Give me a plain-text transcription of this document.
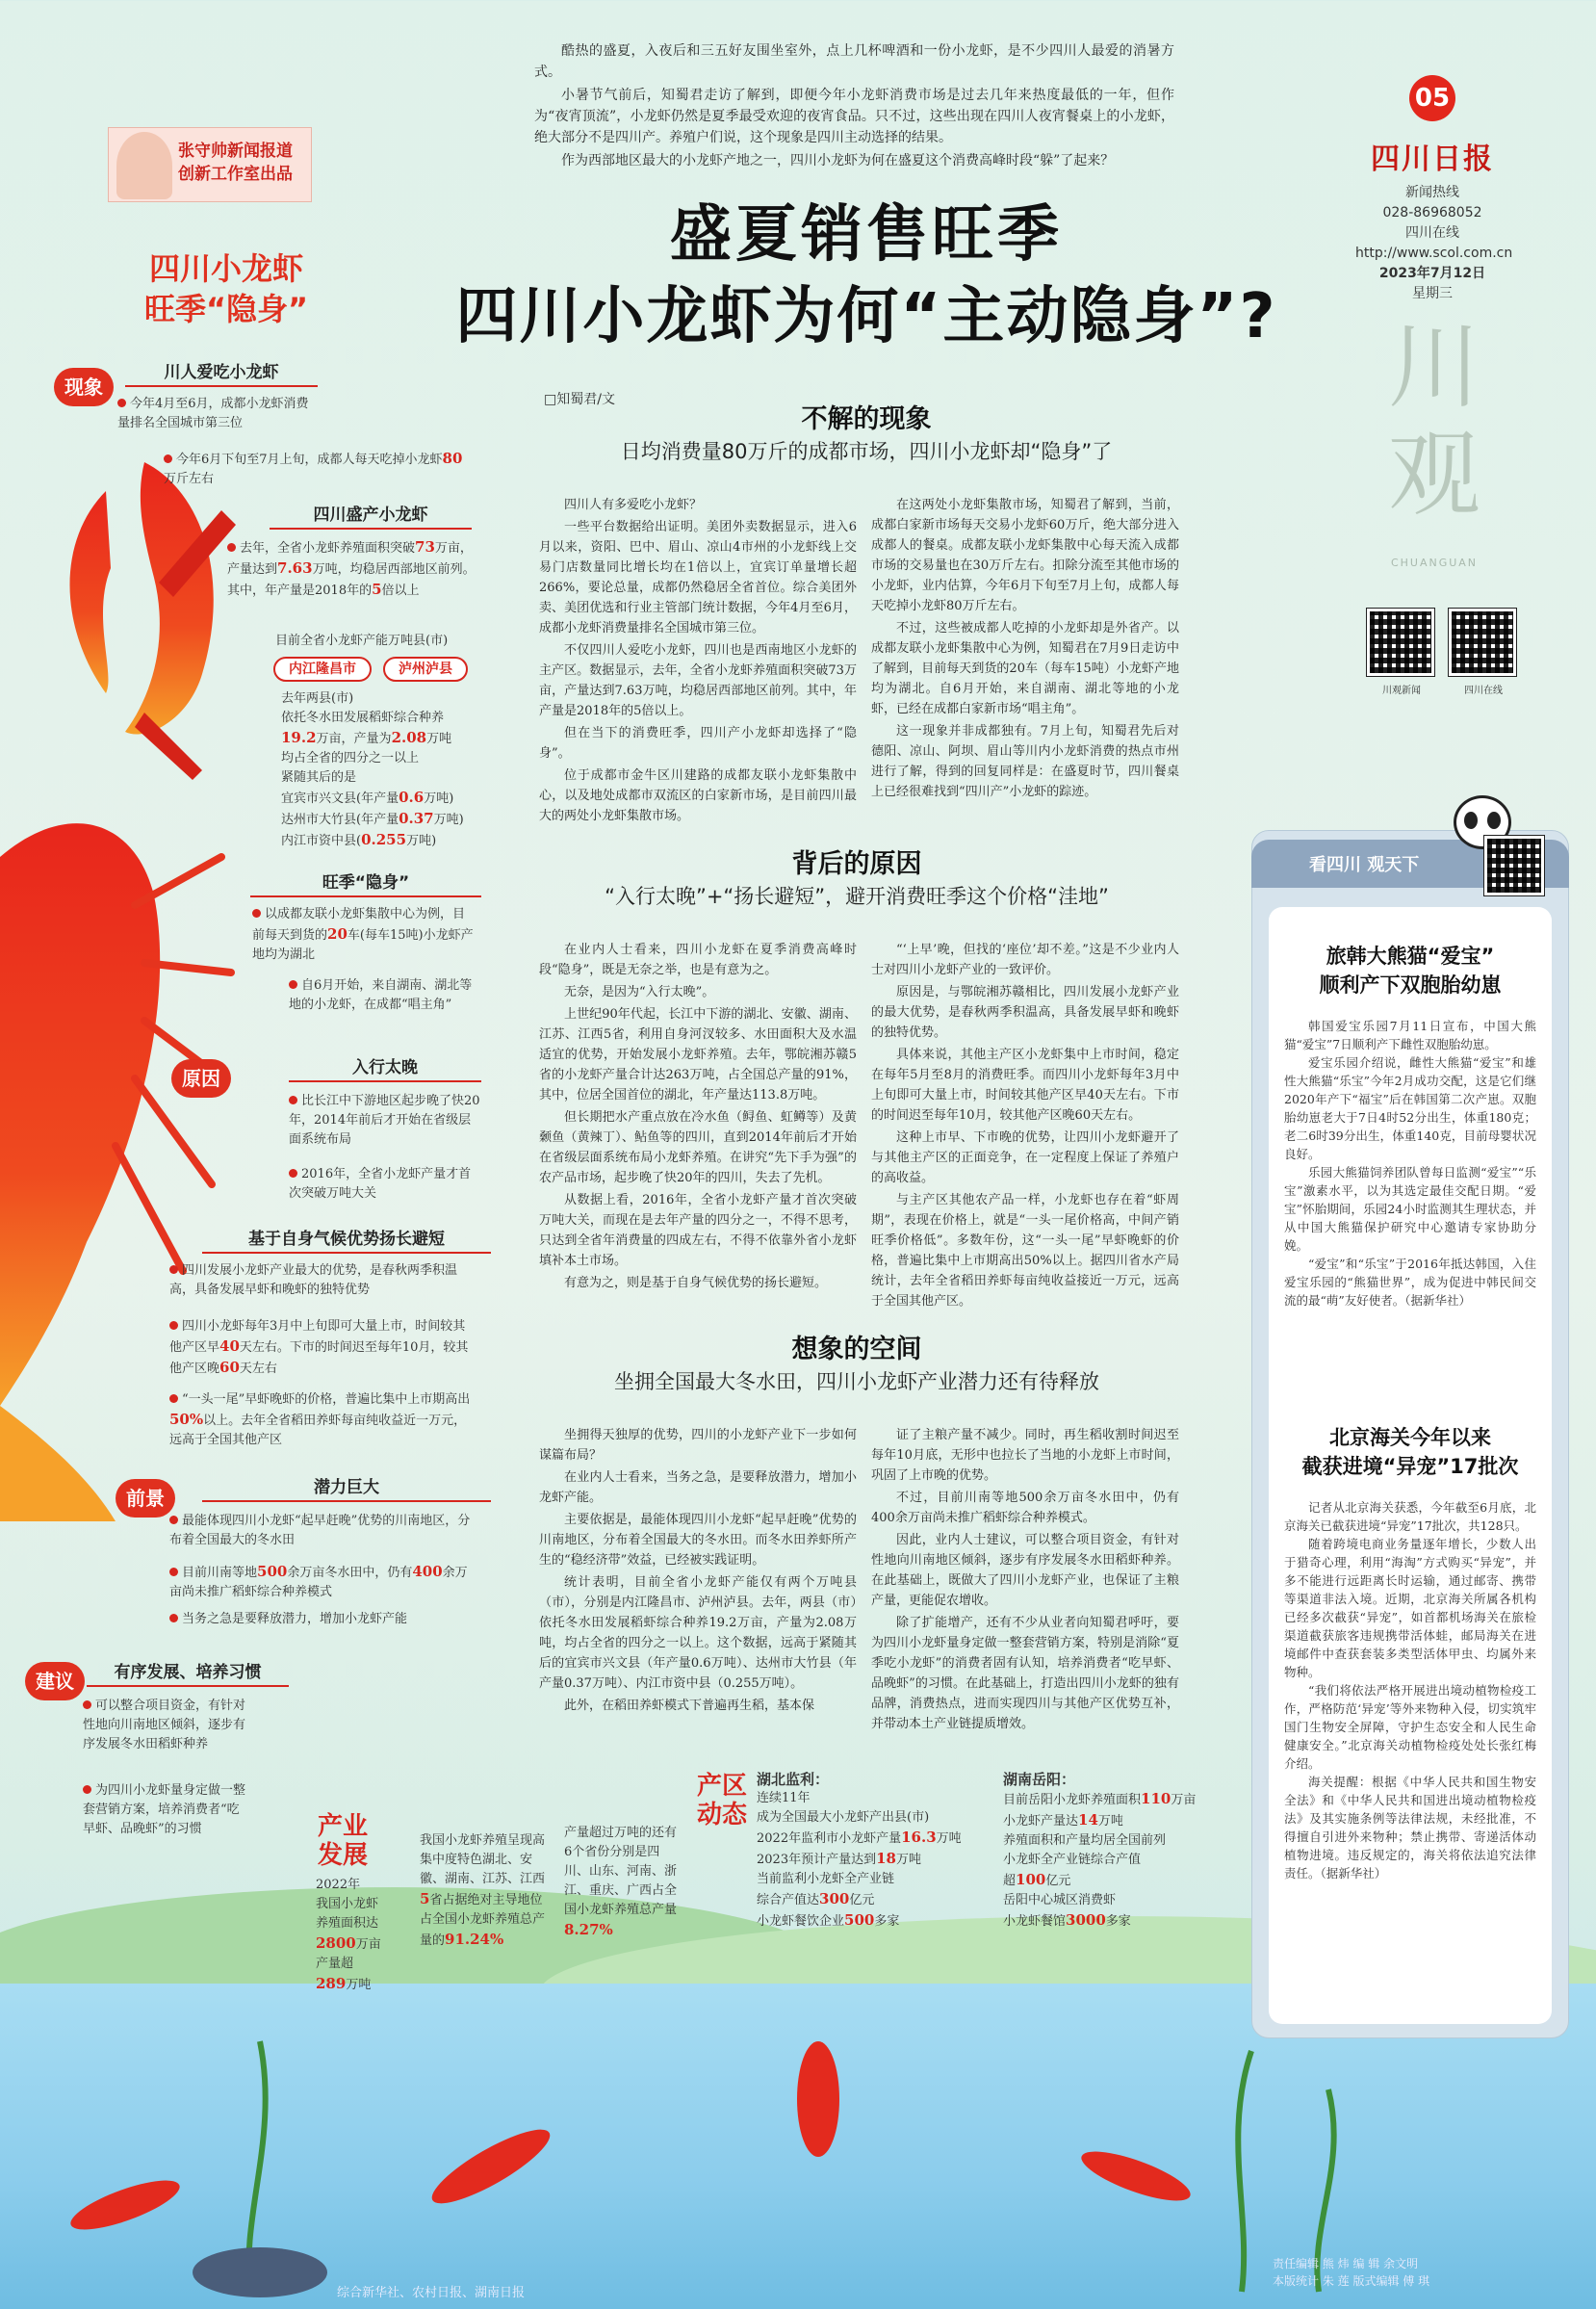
酷热的盛夏，入夜后和三五好友围坐室外，点上几杯啤酒和一份小龙虾，是不少四川人最爱的消暑方式。

小暑节气前后，知蜀君走访了解到，即便今年小龙虾消费市场是过去几年来热度最低的一年，但作为“夜宵顶流”，小龙虾仍然是夏季最受欢迎的夜宵食品。只不过，这些出现在四川人夜宵餐桌上的小龙虾，绝大部分不是四川产。养殖户们说，这个现象是四川主动选择的结果。

作为西部地区最大的小龙虾产地之一，四川小龙虾为何在盛夏这个消费高峰时段“躲”了起来？

张守帅新闻报道
创新工作室出品
盛夏销售旺季
四川小龙虾为何“主动隐身”?
四川小龙虾
旺季“隐身”
05
四川日报
新闻热线
028-86968052
四川在线
http://www.scol.com.cn
2023年7月12日
星期三
川
观
CHUANGUAN
川观新闻	四川在线
现象
川人爱吃小龙虾
今年4月至6月，成都小龙虾消费量排名全国城市第三位
今年6月下旬至7月上旬，成都人每天吃掉小龙虾80万斤左右
四川盛产小龙虾
去年，全省小龙虾养殖面积突破73万亩，产量达到7.63万吨，均稳居西部地区前列。其中，年产量是2018年的5倍以上
目前全省小龙虾产能万吨县(市)
内江隆昌市	泸州泸县
去年两县(市)
依托冬水田发展稻虾综合种养
19.2万亩，产量为2.08万吨
均占全省的四分之一以上
紧随其后的是
宜宾市兴文县(年产量0.6万吨)
达州市大竹县(年产量0.37万吨)
内江市资中县(0.255万吨)
旺季“隐身”
以成都友联小龙虾集散中心为例，目前每天到货的20车(每车15吨)小龙虾产地均为湖北
自6月开始，来自湖南、湖北等地的小龙虾，在成都“唱主角”
原因	入行太晚
比长江中下游地区起步晚了快20年，2014年前后才开始在省级层面系统布局
2016年，全省小龙虾产量才首次突破万吨大关
基于自身气候优势扬长避短
四川发展小龙虾产业最大的优势，是春秋两季积温高，具备发展早虾和晚虾的独特优势
四川小龙虾每年3月中上旬即可大量上市，时间较其他产区早40天左右。下市的时间迟至每年10月，较其他产区晚60天左右
“一头一尾”早虾晚虾的价格，普遍比集中上市期高出50%以上。去年全省稻田养虾每亩纯收益近一万元，远高于全国其他产区
前景	潜力巨大
最能体现四川小龙虾“起早赶晚”优势的川南地区，分布着全国最大的冬水田
目前川南等地500余万亩冬水田中，仍有400余万亩尚未推广稻虾综合种养模式
当务之急是要释放潜力，增加小龙虾产能
建议	有序发展、培养习惯
可以整合项目资金，有针对性地向川南地区倾斜，逐步有序发展冬水田稻虾种养
为四川小龙虾量身定做一整套营销方案，培养消费者“吃早虾、品晚虾”的习惯
□知蜀君/文
不解的现象
日均消费量80万斤的成都市场，四川小龙虾却“隐身”了

四川人有多爱吃小龙虾？

一些平台数据给出证明。美团外卖数据显示，进入6月以来，资阳、巴中、眉山、凉山4市州的小龙虾线上交易门店数量同比增长均在1倍以上，宜宾订单量增长超266%，要论总量，成都仍然稳居全省首位。综合美团外卖、美团优选和行业主管部门统计数据，今年4月至6月，成都小龙虾消费量排名全国城市第三位。

不仅四川人爱吃小龙虾，四川也是西南地区小龙虾的主产区。数据显示，去年，全省小龙虾养殖面积突破73万亩，产量达到7.63万吨，均稳居西部地区前列。其中，年产量是2018年的5倍以上。

但在当下的消费旺季，四川产小龙虾却选择了“隐身”。

位于成都市金牛区川建路的成都友联小龙虾集散中心，以及地处成都市双流区的白家新市场，是目前四川最大的两处小龙虾集散市场。

在这两处小龙虾集散市场，知蜀君了解到，当前，成都白家新市场每天交易小龙虾60万斤，绝大部分进入成都人的餐桌。成都友联小龙虾集散中心每天流入成都市场的交易量也在30万斤左右。扣除分流至其他市场的小龙虾，业内估算，今年6月下旬至7月上旬，成都人每天吃掉小龙虾80万斤左右。

不过，这些被成都人吃掉的小龙虾却是外省产。以成都友联小龙虾集散中心为例，知蜀君在7月9日走访中了解到，目前每天到货的20车（每车15吨）小龙虾产地均为湖北。自6月开始，来自湖南、湖北等地的小龙虾，已经在成都白家新市场“唱主角”。

这一现象并非成都独有。7月上旬，知蜀君先后对德阳、凉山、阿坝、眉山等川内小龙虾消费的热点市州进行了解，得到的回复同样是：在盛夏时节，四川餐桌上已经很难找到“四川产”小龙虾的踪迹。

背后的原因
“入行太晚”+“扬长避短”，避开消费旺季这个价格“洼地”

在业内人士看来，四川小龙虾在夏季消费高峰时段“隐身”，既是无奈之举，也是有意为之。

无奈，是因为“入行太晚”。

上世纪90年代起，长江中下游的湖北、安徽、湖南、江苏、江西5省，利用自身河汊较多、水田面积大及水温适宜的优势，开始发展小龙虾养殖。去年，鄂皖湘苏赣5省的小龙虾产量合计达263万吨，占全国总产量的91%，其中，位居全国首位的湖北，年产量达113.8万吨。

但长期把水产重点放在冷水鱼（鲟鱼、虹鳟等）及黄颡鱼（黄辣丁）、鲇鱼等的四川，直到2014年前后才开始在省级层面系统布局小龙虾养殖。在讲究“先下手为强”的农产品市场，起步晚了快20年的四川，失去了先机。

从数据上看，2016年，全省小龙虾产量才首次突破万吨大关，而现在是去年产量的四分之一，不得不思考，只达到全省年消费量的四成左右，不得不依靠外省小龙虾填补本土市场。

有意为之，则是基于自身气候优势的扬长避短。

“‘上早’晚，但找的‘座位’却不差。”这是不少业内人士对四川小龙虾产业的一致评价。

原因是，与鄂皖湘苏赣相比，四川发展小龙虾产业的最大优势，是春秋两季积温高，具备发展早虾和晚虾的独特优势。

具体来说，其他主产区小龙虾集中上市时间，稳定在每年5月至8月的消费旺季。而四川小龙虾每年3月中上旬即可大量上市，时间较其他产区早40天左右。下市的时间迟至每年10月，较其他产区晚60天左右。

这种上市早、下市晚的优势，让四川小龙虾避开了与其他主产区的正面竞争，在一定程度上保证了养殖户的高收益。

与主产区其他农产品一样，小龙虾也存在着“虾周期”，表现在价格上，就是“一头一尾价格高，中间产销旺季价格低”。多数年份，这“一头一尾”早虾晚虾的价格，普遍比集中上市期高出50%以上。据四川省水产局统计，去年全省稻田养虾每亩纯收益接近一万元，远高于全国其他产区。

想象的空间
坐拥全国最大冬水田，四川小龙虾产业潜力还有待释放

坐拥得天独厚的优势，四川的小龙虾产业下一步如何谋篇布局？

在业内人士看来，当务之急，是要释放潜力，增加小龙虾产能。

主要依据是，最能体现四川小龙虾“起早赶晚”优势的川南地区，分布着全国最大的冬水田。而冬水田养虾所产生的“稳经济带”效益，已经被实践证明。

统计表明，目前全省小龙虾产能仅有两个万吨县（市），分别是内江隆昌市、泸州泸县。去年，两县（市）依托冬水田发展稻虾综合种养19.2万亩，产量为2.08万吨，均占全省的四分之一以上。这个数据，远高于紧随其后的宜宾市兴文县（年产量0.6万吨）、达州市大竹县（年产量0.37万吨）、内江市资中县（0.255万吨）。

此外，在稻田养虾模式下普遍再生稻，基本保

证了主粮产量不减少。同时，再生稻收割时间迟至每年10月底，无形中也拉长了当地的小龙虾上市时间，巩固了上市晚的优势。

不过，目前川南等地500余万亩冬水田中，仍有400余万亩尚未推广稻虾综合种养模式。

因此，业内人士建议，可以整合项目资金，有针对性地向川南地区倾斜，逐步有序发展冬水田稻虾种养。在此基础上，既做大了四川小龙虾产业，也保证了主粮产量，更能促农增收。

除了扩能增产，还有不少从业者向知蜀君呼吁，要为四川小龙虾量身定做一整套营销方案，特别是消除“夏季吃小龙虾”的消费者固有认知，培养消费者“吃早虾、品晚虾”的习惯。在此基础上，打造出四川小龙虾的独有品牌，消费热点，进而实现四川与其他产区优势互补，并带动本土产业链提质增效。

产业
发展
2022年
我国小龙虾
养殖面积达
2800万亩
产量超
289万吨
我国小龙虾养殖呈现高集中度特色湖北、安徽、湖南、江苏、江西5省占据绝对主导地位占全国小龙虾养殖总产量的91.24%
产量超过万吨的还有6个省份分别是四川、山东、河南、浙江、重庆、广西占全国小龙虾养殖总产量8.27%
产区
动态
湖北监利：
连续11年
成为全国最大小龙虾产出县(市)
2022年监利市小龙虾产量16.3万吨
2023年预计产量达到18万吨
当前监利小龙虾全产业链
综合产值达300亿元
小龙虾餐饮企业500多家
湖南岳阳：
目前岳阳小龙虾养殖面积110万亩
小龙虾产量达14万吨
养殖面积和产量均居全国前列
小龙虾全产业链综合产值
超100亿元
岳阳中心城区消费虾
小龙虾餐馆3000多家
看四川 观天下
旅韩大熊猫“爱宝”
顺利产下双胞胎幼崽

韩国爱宝乐园7月11日宣布，中国大熊猫“爱宝”7日顺利产下雌性双胞胎幼崽。

爱宝乐园介绍说，雌性大熊猫“爱宝”和雄性大熊猫“乐宝”今年2月成功交配，这是它们继2020年产下“福宝”后在韩国第二次产崽。双胞胎幼崽老大于7日4时52分出生，体重180克；老二6时39分出生，体重140克，目前母婴状况良好。

乐园大熊猫饲养团队曾每日监测“爱宝”“乐宝”激素水平，以为其选定最佳交配日期。“爱宝”怀胎期间，乐园24小时监测其生理状态，并从中国大熊猫保护研究中心邀请专家协助分娩。

“爱宝”和“乐宝”于2016年抵达韩国，入住爱宝乐园的“熊猫世界”，成为促进中韩民间交流的最“萌”友好使者。（据新华社）

北京海关今年以来
截获进境“异宠”17批次

记者从北京海关获悉，今年截至6月底，北京海关已截获进境“异宠”17批次，共128只。

随着跨境电商业务量逐年增长，少数人出于猎奇心理，利用“海淘”方式购买“异宠”，并多不能进行远距离长时运输，通过邮寄、携带等渠道非法入境。近期，北京海关所属各机构已经多次截获“异宠”，如首都机场海关在旅检渠道截获旅客违规携带活体蛙，邮局海关在进境邮件中查获套装多类型活体甲虫、均属外来物种。

“我们将依法严格开展进出境动植物检疫工作，严格防范‘异宠’等外来物种入侵，切实筑牢国门生物安全屏障，守护生态安全和人民生命健康安全。”北京海关动植物检疫处处长张红梅介绍。

海关提醒：根据《中华人民共和国生物安全法》和《中华人民共和国进出境动植物检疫法》及其实施条例等法律法规，未经批准，不得擅自引进外来物种；禁止携带、寄递活体动植物进境。违反规定的，海关将依法追究法律责任。（据新华社）

综合新华社、农村日报、湖南日报
责任编辑 熊 炜 编 辑 余文明
本版统计 朱 莲 版式编辑 傅 琪
